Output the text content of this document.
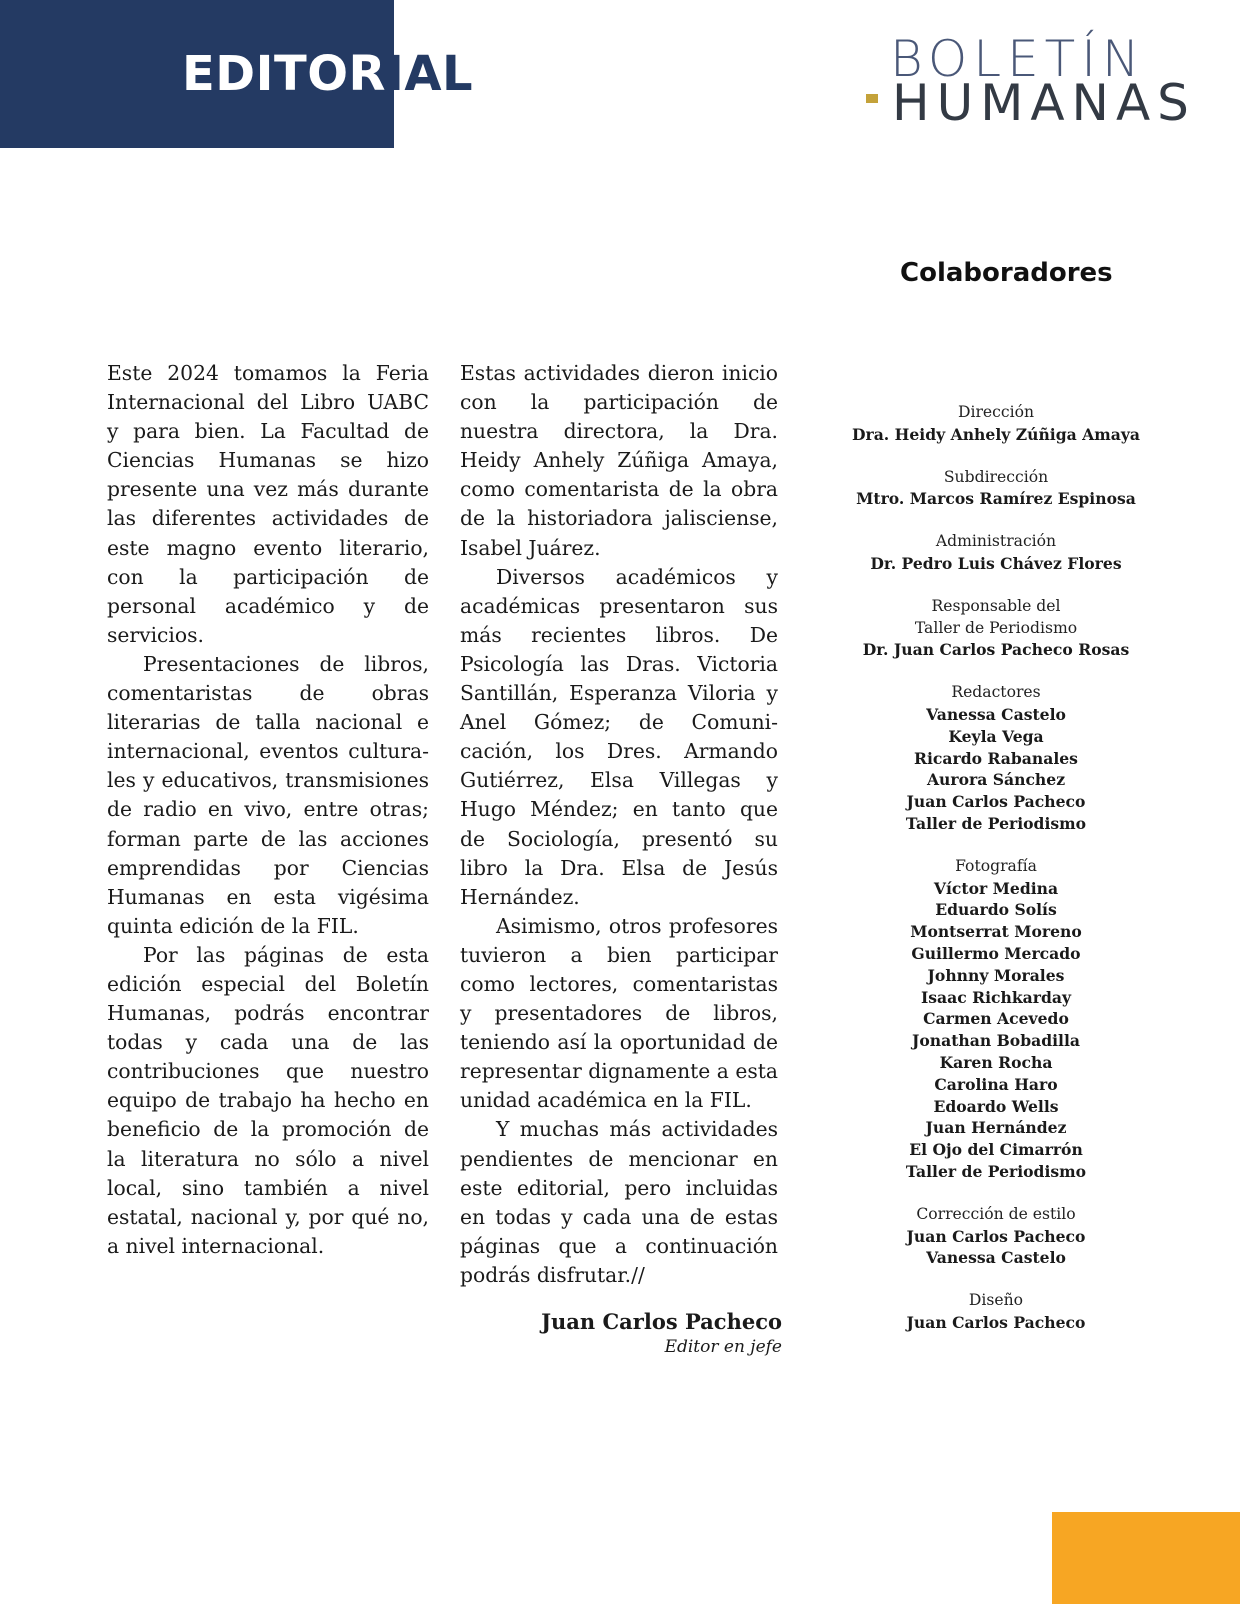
EDITORIAL	BOLETÍN
HUMANAS
Colaboradores

Este 2024 tomamos la Feria Internacional del Libro UABC y para bien. La Facultad de Ciencias Humanas se hizo presente una vez más durante las diferentes actividades de este magno evento literario, con la participación de personal académico y de servicios.

Presentaciones de libros, comentaristas de obras literarias de talla nacional e internacional, eventos culturales y educativos, transmisiones de radio en vivo, entre otras; forman parte de las acciones emprendidas por Ciencias Humanas en esta vigésima quinta edición de la FIL.

Por las páginas de esta edición especial del Boletín Humanas, podrás encontrar todas y cada una de las contribuciones que nuestro equipo de trabajo ha hecho en beneficio de la promoción de la literatura no sólo a nivel local, sino también a nivel estatal, nacional y, por qué no, a nivel internacional.

Estas actividades dieron inicio con la participación de nuestra directora, la Dra. Heidy Anhely Zúñiga Amaya, como comentarista de la obra de la historiadora jalisciense, Isabel Juárez.

Diversos académicos y académicas presentaron sus más recientes libros. De Psicología las Dras. Victoria Santillán, Esperanza Viloria y Anel Gómez; de Comunicación, los Dres. Armando Gutiérrez, Elsa Villegas y Hugo Méndez; en tanto que de Sociología, presentó su libro la Dra. Elsa de Jesús Hernández.

Asimismo, otros profesores tuvieron a bien participar como lectores, comentaristas y presentadores de libros, teniendo así la oportunidad de representar dignamente a esta unidad académica en la FIL.

Y muchas más actividades pendientes de mencionar en este editorial, pero incluidas en todas y cada una de estas páginas que a continuación podrás disfrutar.//

Juan Carlos Pacheco
Editor en jefe
Dirección
Dra. Heidy Anhely Zúñiga Amaya
Subdirección
Mtro. Marcos Ramírez Espinosa
Administración
Dr. Pedro Luis Chávez Flores
Responsable del
Taller de Periodismo
Dr. Juan Carlos Pacheco Rosas
Redactores
Vanessa Castelo
Keyla Vega
Ricardo Rabanales
Aurora Sánchez
Juan Carlos Pacheco
Taller de Periodismo
Fotografía
Víctor Medina
Eduardo Solís
Montserrat Moreno
Guillermo Mercado
Johnny Morales
Isaac Richkarday
Carmen Acevedo
Jonathan Bobadilla
Karen Rocha
Carolina Haro
Edoardo Wells
Juan Hernández
El Ojo del Cimarrón
Taller de Periodismo
Corrección de estilo
Juan Carlos Pacheco
Vanessa Castelo
Diseño
Juan Carlos Pacheco
